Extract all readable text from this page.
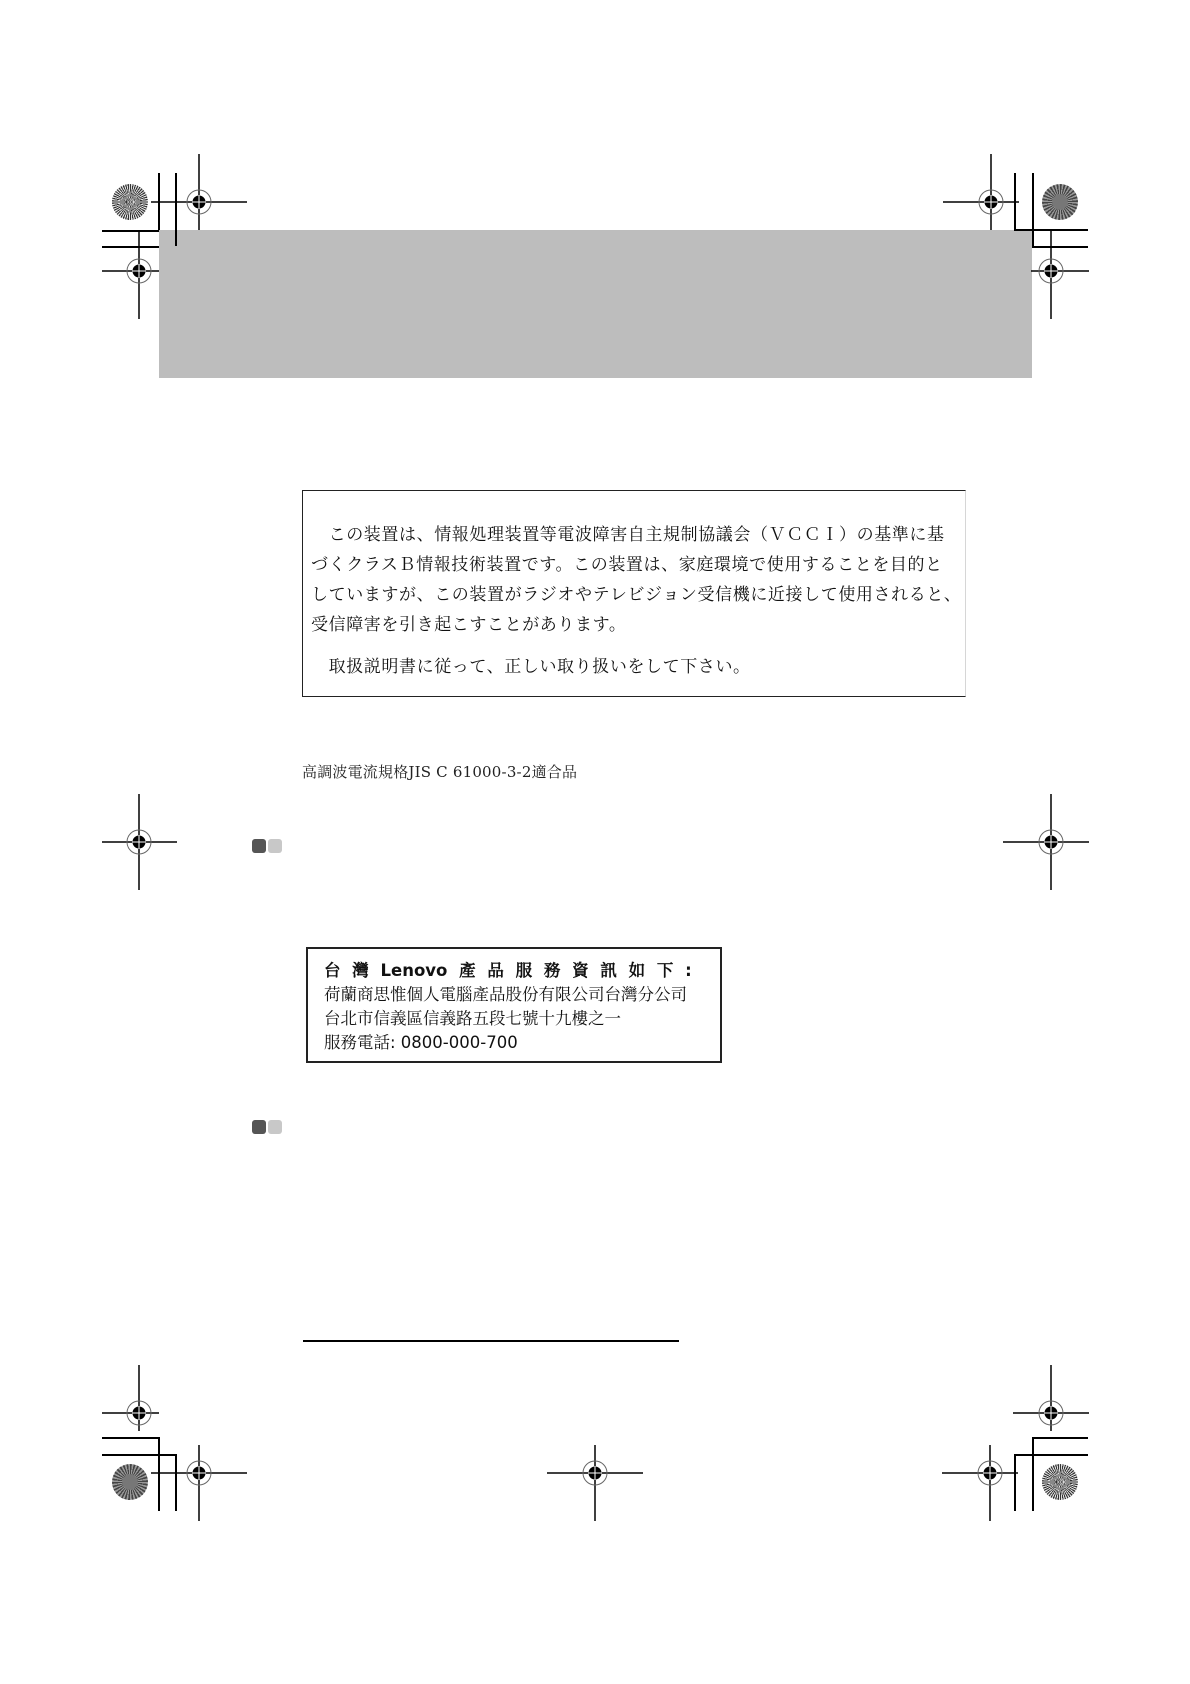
　この装置は、情報処理装置等電波障害自主規制協議会（ＶＣＣＩ）の基準に基
づくクラスＢ情報技術装置です。この装置は、家庭環境で使用することを目的と
していますが、この装置がラジオやテレビジョン受信機に近接して使用されると、
受信障害を引き起こすことがあります。
　取扱説明書に従って、正しい取り扱いをして下さい。
高調波電流規格JIS C 61000-3-2適合品
台 灣 Lenovo 產 品 服 務 資 訊 如 下 :
荷蘭商思惟個人電腦產品股份有限公司台灣分公司
台北市信義區信義路五段七號十九樓之一
服務電話: 0800-000-700
